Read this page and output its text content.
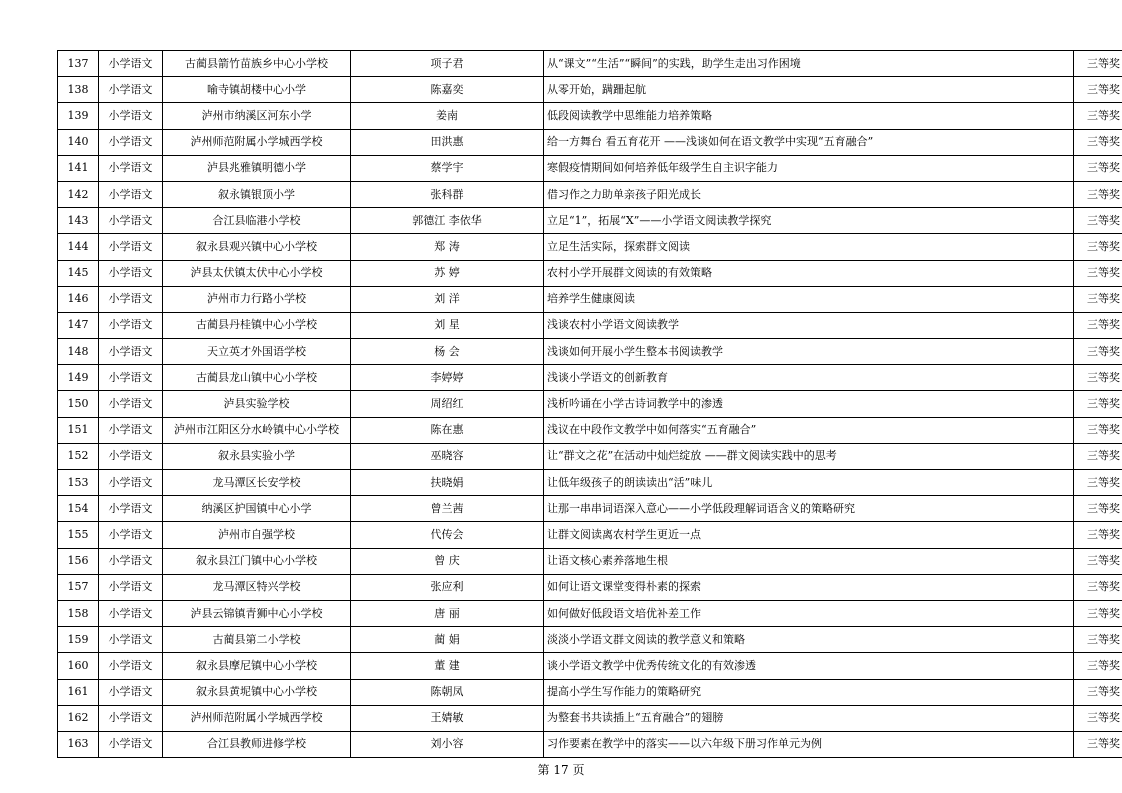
137	小学语文	古蔺县箭竹苗族乡中心小学校	项子君	从“课文”“生活”“瞬间”的实践，助学生走出习作困境	三等奖
138	小学语文	喻寺镇胡楼中心小学	陈嘉奕	从零开始，蹒跚起航	三等奖
139	小学语文	泸州市纳溪区河东小学	姜南	低段阅读教学中思维能力培养策略	三等奖
140	小学语文	泸州师范附属小学城西学校	田洪惠	给一方舞台 看五育花开 ——浅谈如何在语文教学中实现“五育融合”	三等奖
141	小学语文	泸县兆雅镇明德小学	蔡学宇	寒假疫情期间如何培养低年级学生自主识字能力	三等奖
142	小学语文	叙永镇银顶小学	张科群	借习作之力助单亲孩子阳光成长	三等奖
143	小学语文	合江县临港小学校	郭德江 李依华	立足“1”，拓展“X”——小学语文阅读教学探究	三等奖
144	小学语文	叙永县观兴镇中心小学校	郑 涛	立足生活实际，探索群文阅读	三等奖
145	小学语文	泸县太伏镇太伏中心小学校	苏 婷	农村小学开展群文阅读的有效策略	三等奖
146	小学语文	泸州市力行路小学校	刘 洋	培养学生健康阅读	三等奖
147	小学语文	古蔺县丹桂镇中心小学校	刘 星	浅谈农村小学语文阅读教学	三等奖
148	小学语文	天立英才外国语学校	杨 会	浅谈如何开展小学生整本书阅读教学	三等奖
149	小学语文	古蔺县龙山镇中心小学校	李婷婷	浅谈小学语文的创新教育	三等奖
150	小学语文	泸县实验学校	周绍红	浅析吟诵在小学古诗词教学中的渗透	三等奖
151	小学语文	泸州市江阳区分水岭镇中心小学校	陈在惠	浅议在中段作文教学中如何落实“五育融合”	三等奖
152	小学语文	叙永县实验小学	巫晓容	让“群文之花”在活动中灿烂绽放 ——群文阅读实践中的思考	三等奖
153	小学语文	龙马潭区长安学校	扶晓娟	让低年级孩子的朗读读出“活”味儿	三等奖
154	小学语文	纳溪区护国镇中心小学	曾兰茜	让那一串串词语深入意心——小学低段理解词语含义的策略研究	三等奖
155	小学语文	泸州市自强学校	代传会	让群文阅读离农村学生更近一点	三等奖
156	小学语文	叙永县江门镇中心小学校	曾 庆	让语文核心素养落地生根	三等奖
157	小学语文	龙马潭区特兴学校	张应利	如何让语文课堂变得朴素的探索	三等奖
158	小学语文	泸县云锦镇青狮中心小学校	唐 丽	如何做好低段语文培优补差工作	三等奖
159	小学语文	古蔺县第二小学校	蔺 娟	淡淡小学语文群文阅读的教学意义和策略	三等奖
160	小学语文	叙永县摩尼镇中心小学校	董 建	谈小学语文教学中优秀传统文化的有效渗透	三等奖
161	小学语文	叙永县黄坭镇中心小学校	陈朝凤	提高小学生写作能力的策略研究	三等奖
162	小学语文	泸州师范附属小学城西学校	王婧敏	为整套书共读插上“五育融合”的翅膀	三等奖
163	小学语文	合江县教师进修学校	刘小容	习作要素在教学中的落实——以六年级下册习作单元为例	三等奖
第 17 页
